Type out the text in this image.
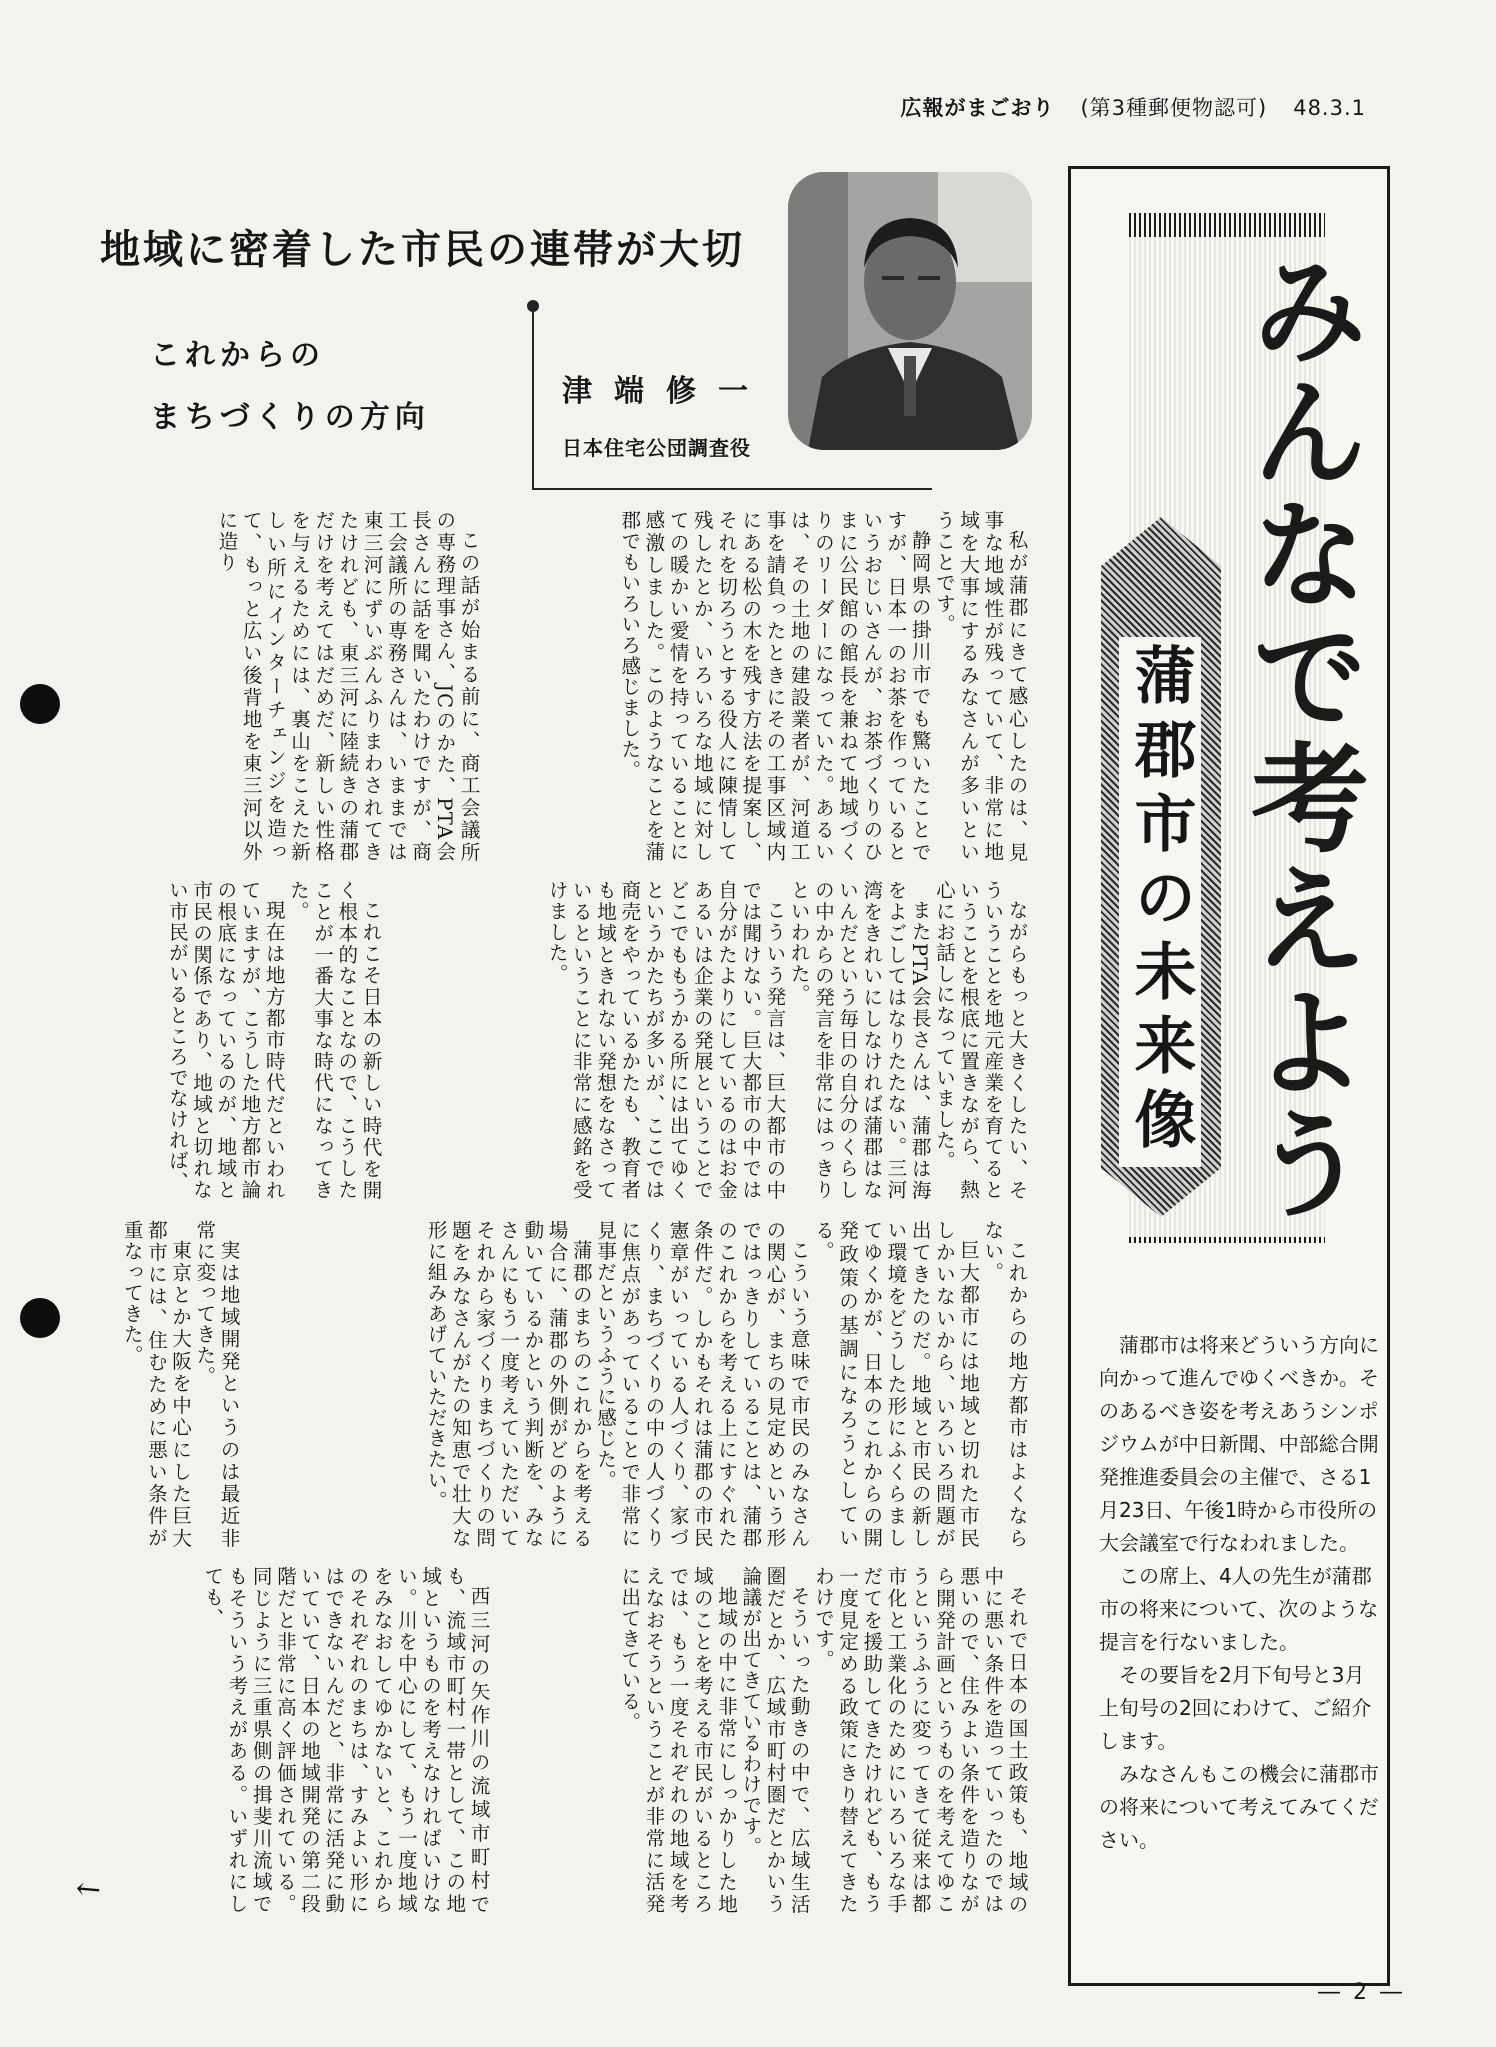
広報がまごおり (第3種郵便物認可) 48.3.1
地域に密着した市民の連帯が大切
これからの
まちづくりの方向
津端修一
日本住宅公団調査役	みんなで考えよう
蒲郡市の未来像

蒲郡市は将来どういう方向に向かって進んでゆくべきか。そのあるべき姿を考えあうシンポジウムが中日新聞、中部総合開発推進委員会の主催で、さる1月23日、午後1時から市役所の大会議室で行なわれました。

この席上、4人の先生が蒲郡市の将来について、次のような提言を行ないました。

その要旨を2月下旬号と3月上旬号の2回にわけて、ご紹介します。

みなさんもこの機会に蒲郡市の将来について考えてみてください。

私が蒲郡にきて感心したのは、見事な地域性が残っていて、非常に地域を大事にするみなさんが多いということです。

静岡県の掛川市でも驚いたことですが、日本一のお茶を作っているというおじいさんが、お茶づくりのひまに公民館の館長を兼ねて地域づくりのリーダーになっていた。あるいは、その土地の建設業者が、河道工事を請負ったときにその工事区域内にある松の木を残す方法を提案し、それを切ろうとする役人に陳情して残したとか、いろいろな地域に対しての暖かい愛情を持っていることに感激しました。このようなことを蒲郡でもいろいろ感じました。

この話が始まる前に、商工会議所の専務理事さん、JCのかた、PTA会長さんに話を聞いたわけですが、商工会議所の専務さんは、いままでは東三河にずいぶんふりまわされてきたけれども、東三河に陸続きの蒲郡だけを考えてはだめだ、新しい性格を与えるためには、裏山をこえた新しい所にインターチェンジを造って、もっと広い後背地を東三河以外に造り

ながらもっと大きくしたい、そういうことを地元産業を育てるということを根底に置きながら、熱心にお話しになっていました。

またPTA会長さんは、蒲郡は海をよごしてはなりたたない。三河湾をきれいにしなければ蒲郡はないんだという毎日の自分のくらしの中からの発言を非常にはっきりといわれた。

こういう発言は、巨大都市の中では聞けない。巨大都市の中では自分がたよりにしているのはお金あるいは企業の発展ということでどこでももうかる所には出てゆくというかたちが多いが、ここでは商売をやっているかたも、教育者も地域ときれない発想をなさっているということに非常に感銘を受けました。

これこそ日本の新しい時代を開く根本的なことなので、こうしたことが一番大事な時代になってきた。

現在は地方都市時代だといわれていますが、こうした地方都市論の根底になっているのが、地域と市民の関係であり、地域と切れない市民がいるところでなければ、

これからの地方都市はよくならない。

巨大都市には地域と切れた市民しかいないから、いろいろ問題が出てきたのだ。地域と市民の新しい環境をどうした形にふくらましてゆくかが、日本のこれからの開発政策の基調になろうとしている。

こういう意味で市民のみなさんの関心が、まちの見定めという形ではっきりしていることは、蒲郡のこれからを考える上にすぐれた条件だ。しかもそれは蒲郡の市民憲章がいっている人づくり、家づくり、まちづくりの中の人づくりに焦点があっていることで非常に見事だというふうに感じた。

蒲郡のまちのこれからを考える場合に、蒲郡の外側がどのように動いているかという判断を、みなさんにもう一度考えていただいてそれから家づくりまちづくりの問題をみなさんがたの知恵で壮大な形に組みあげていただきたい。

実は地域開発というのは最近非常に変ってきた。

東京とか大阪を中心にした巨大都市には、住むために悪い条件が重なってきた。

それで日本の国土政策も、地域の中に悪い条件を造っていったのでは悪いので、住みよい条件を造りながら開発計画というものを考えてゆこうというふうに変ってきて従来は都市化と工業化のためにいろいろな手だてを援助してきたけれども、もう一度見定める政策にきり替えてきたわけです。

そういった動きの中で、広域生活圏だとか、広域市町村圏だとかいう論議が出てきているわけです。

地域の中に非常にしっかりした地域のことを考える市民がいるところでは、もう一度それぞれの地域を考えなおそうということが非常に活発に出てきている。

西三河の矢作川の流域市町村でも、流域市町村一帯として、この地域というものを考えなければいけない。川を中心にして、もう一度地域をみなおしてゆかないと、これからのそれぞれのまちは、すみよい形にはできないんだと、非常に活発に動いていて、日本の地域開発の第二段階だと非常に高く評価されている。同じように三重県側の揖斐川流域でもそういう考えがある。いずれにしても、

↖
― 2 ―
